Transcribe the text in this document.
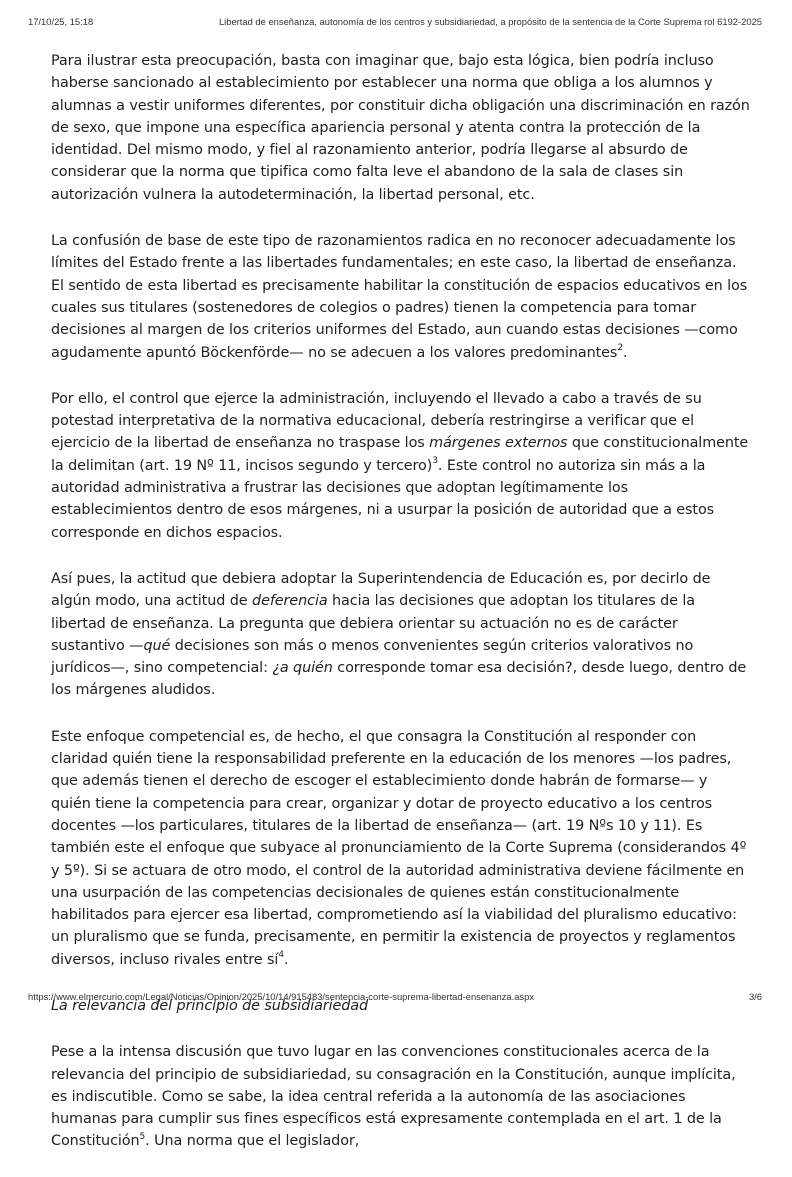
17/10/25, 15:18	Libertad de enseñanza, autonomía de los centros y subsidiariedad, a propósito de la sentencia de la Corte Suprema rol 6192-2025

Para ilustrar esta preocupación, basta con imaginar que, bajo esta lógica, bien podría incluso haberse sancionado al establecimiento por establecer una norma que obliga a los alumnos y alumnas a vestir uniformes diferentes, por constituir dicha obligación una discriminación en razón de sexo, que impone una específica apariencia personal y atenta contra la protección de la identidad. Del mismo modo, y fiel al razonamiento anterior, podría llegarse al absurdo de considerar que la norma que tipifica como falta leve el abandono de la sala de clases sin autorización vulnera la autodeterminación, la libertad personal, etc.

La confusión de base de este tipo de razonamientos radica en no reconocer adecuadamente los límites del Estado frente a las libertades fundamentales; en este caso, la libertad de enseñanza. El sentido de esta libertad es precisamente habilitar la constitución de espacios educativos en los cuales sus titulares (sostenedores de colegios o padres) tienen la competencia para tomar decisiones al margen de los criterios uniformes del Estado, aun cuando estas decisiones —como agudamente apuntó Böckenförde— no se adecuen a los valores predominantes$^2$.

Por ello, el control que ejerce la administración, incluyendo el llevado a cabo a través de su potestad interpretativa de la normativa educacional, debería restringirse a verificar que el ejercicio de la libertad de enseñanza no traspase los márgenes externos que constitucionalmente la delimitan (art. 19 Nº 11, incisos segundo y tercero)$^3$. Este control no autoriza sin más a la autoridad administrativa a frustrar las decisiones que adoptan legítimamente los establecimientos dentro de esos márgenes, ni a usurpar la posición de autoridad que a estos corresponde en dichos espacios.

Así pues, la actitud que debiera adoptar la Superintendencia de Educación es, por decirlo de algún modo, una actitud de deferencia hacia las decisiones que adoptan los titulares de la libertad de enseñanza. La pregunta que debiera orientar su actuación no es de carácter sustantivo —qué decisiones son más o menos convenientes según criterios valorativos no jurídicos—, sino competencial: ¿a quién corresponde tomar esa decisión?, desde luego, dentro de los márgenes aludidos.

Este enfoque competencial es, de hecho, el que consagra la Constitución al responder con claridad quién tiene la responsabilidad preferente en la educación de los menores —los padres, que además tienen el derecho de escoger el establecimiento donde habrán de formarse— y quién tiene la competencia para crear, organizar y dotar de proyecto educativo a los centros docentes —los particulares, titulares de la libertad de enseñanza— (art. 19 Nºs 10 y 11). Es también este el enfoque que subyace al pronunciamiento de la Corte Suprema (considerandos 4º y 5º). Si se actuara de otro modo, el control de la autoridad administrativa deviene fácilmente en una usurpación de las competencias decisionales de quienes están constitucionalmente habilitados para ejercer esa libertad, comprometiendo así la viabilidad del pluralismo educativo: un pluralismo que se funda, precisamente, en permitir la existencia de proyectos y reglamentos diversos, incluso rivales entre $sí^4$.

La relevancia del principio de subsidiariedad

Pese a la intensa discusión que tuvo lugar en las convenciones constitucionales acerca de la relevancia del principio de subsidiariedad, su consagración en la Constitución, aunque implícita, es indiscutible. Como se sabe, la idea central referida a la autonomía de las asociaciones humanas para cumplir sus fines específicos está expresamente contemplada en el art. 1 de la Constitución$^5$. Una norma que el legislador,

https://www.elmercurio.com/Legal/Noticias/Opinion/2025/10/14/915483/sentencia-corte-suprema-libertad-ensenanza.aspx	3/6
